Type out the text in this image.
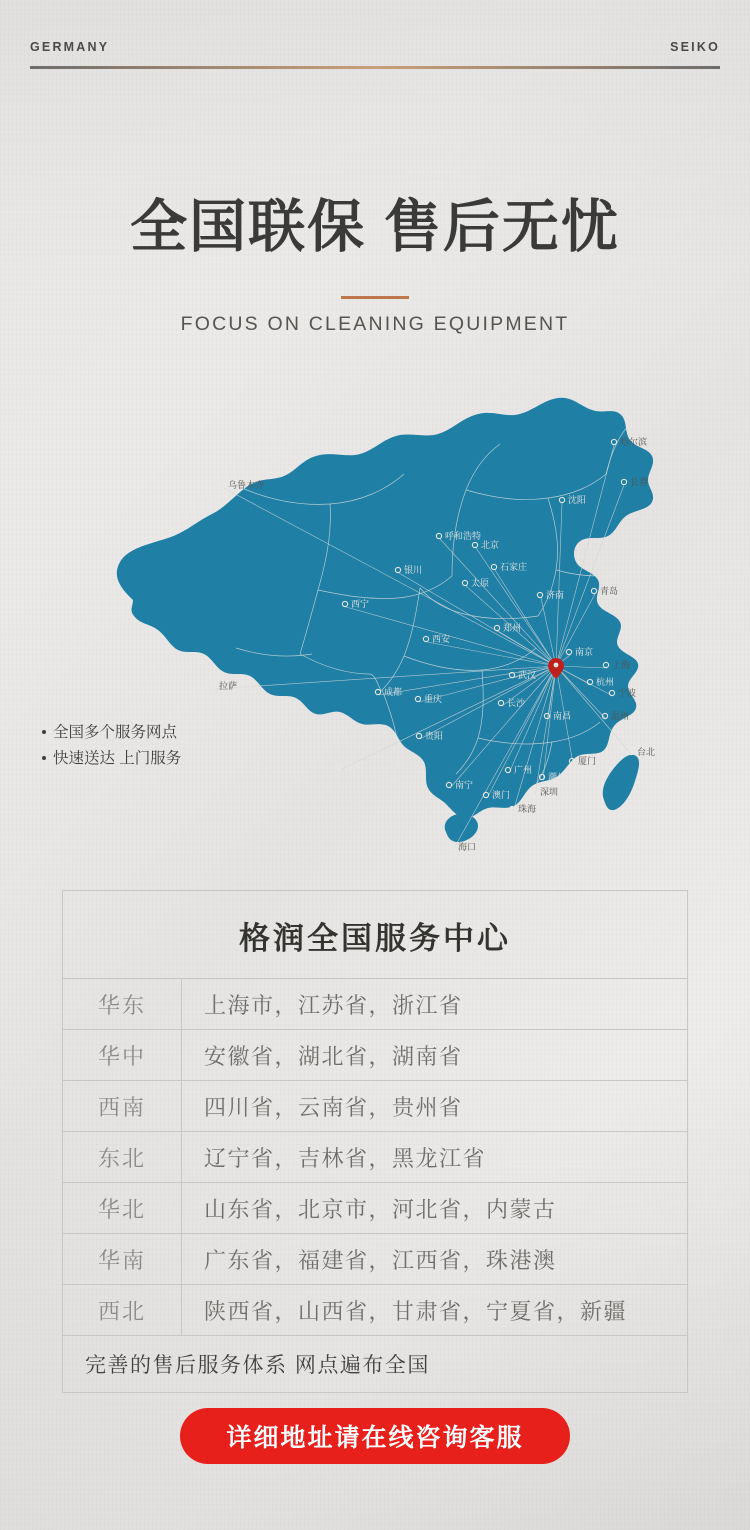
GERMANY	SEIKO
全国联保 售后无忧
FOCUS ON CLEANING EQUIPMENT
乌鲁木齐
哈尔滨
长春
沈阳
呼和浩特
北京
石家庄
银川
太原
济南	青岛
西宁
郑州
西安
南京
上海
杭州
武汉
宁波
成都
重庆
拉萨
长沙
温州
南昌
贵阳
台北
昆明	广州
厦门
潮州
南宁
深圳
澳门
珠海
海口
全国多个服务网点
快速送达 上门服务
格润全国服务中心
华东	上海市，江苏省，浙江省
华中	安徽省，湖北省，湖南省
西南	四川省，云南省，贵州省
东北	辽宁省，吉林省，黑龙江省
华北	山东省，北京市，河北省，内蒙古
华南	广东省，福建省，江西省，珠港澳
西北	陕西省，山西省，甘肃省，宁夏省，新疆
完善的售后服务体系 网点遍布全国
详细地址请在线咨询客服
